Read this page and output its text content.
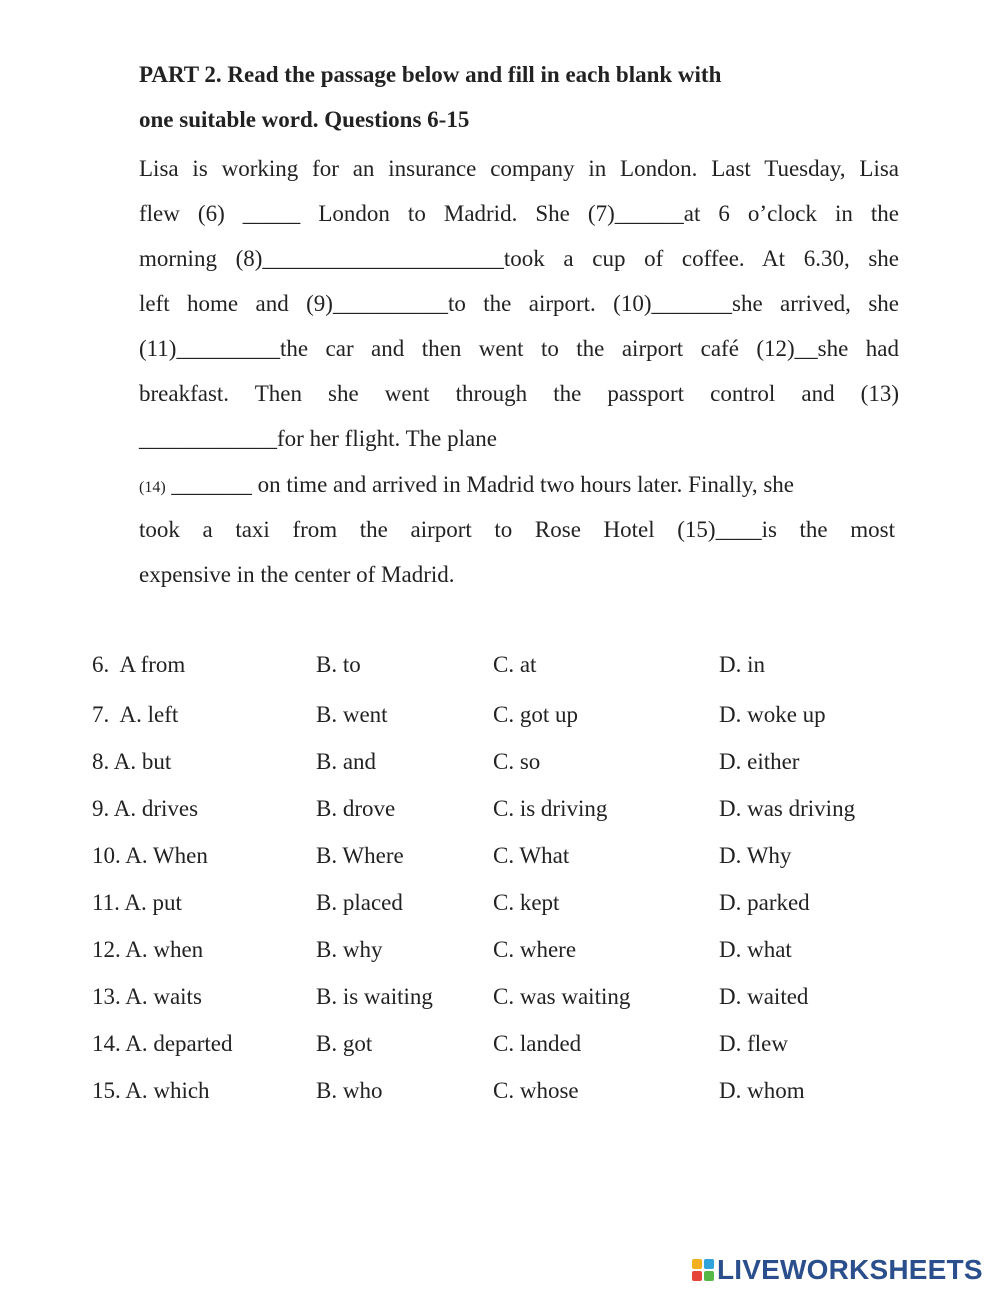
PART 2. Read the passage below and fill in each blank with
one suitable word. Questions 6-15
Lisa is working for an insurance company in London. Last Tuesday, Lisa
flew (6) _____ London to Madrid. She (7)______at 6 o’clock in the
morning (8)_____________________took a cup of coffee. At 6.30, she
left home and (9)__________to the airport. (10)_______she arrived, she
(11)_________the car and then went to the airport café (12)__she had
breakfast. Then she went through the passport control and (13)
____________for her flight. The plane
(14) _______ on time and arrived in Madrid two hours later. Finally, she
took a taxi from the airport to Rose Hotel (15)____is the most
expensive in the center of Madrid.
6. A from	B. to	C. at	D. in
7. A. left	B. went	C. got up	D. woke up
8. A. but	B. and	C. so	D. either
9. A. drives	B. drove	C. is driving	D. was driving
10. A. When	B. Where	C. What	D. Why
11. A. put	B. placed	C. kept	D. parked
12. A. when	B. why	C. where	D. what
13. A. waits	B. is waiting	C. was waiting	D. waited
14. A. departed	B. got	C. landed	D. flew
15. A. which	B. who	C. whose	D. whom
LIVEWORKSHEETS
